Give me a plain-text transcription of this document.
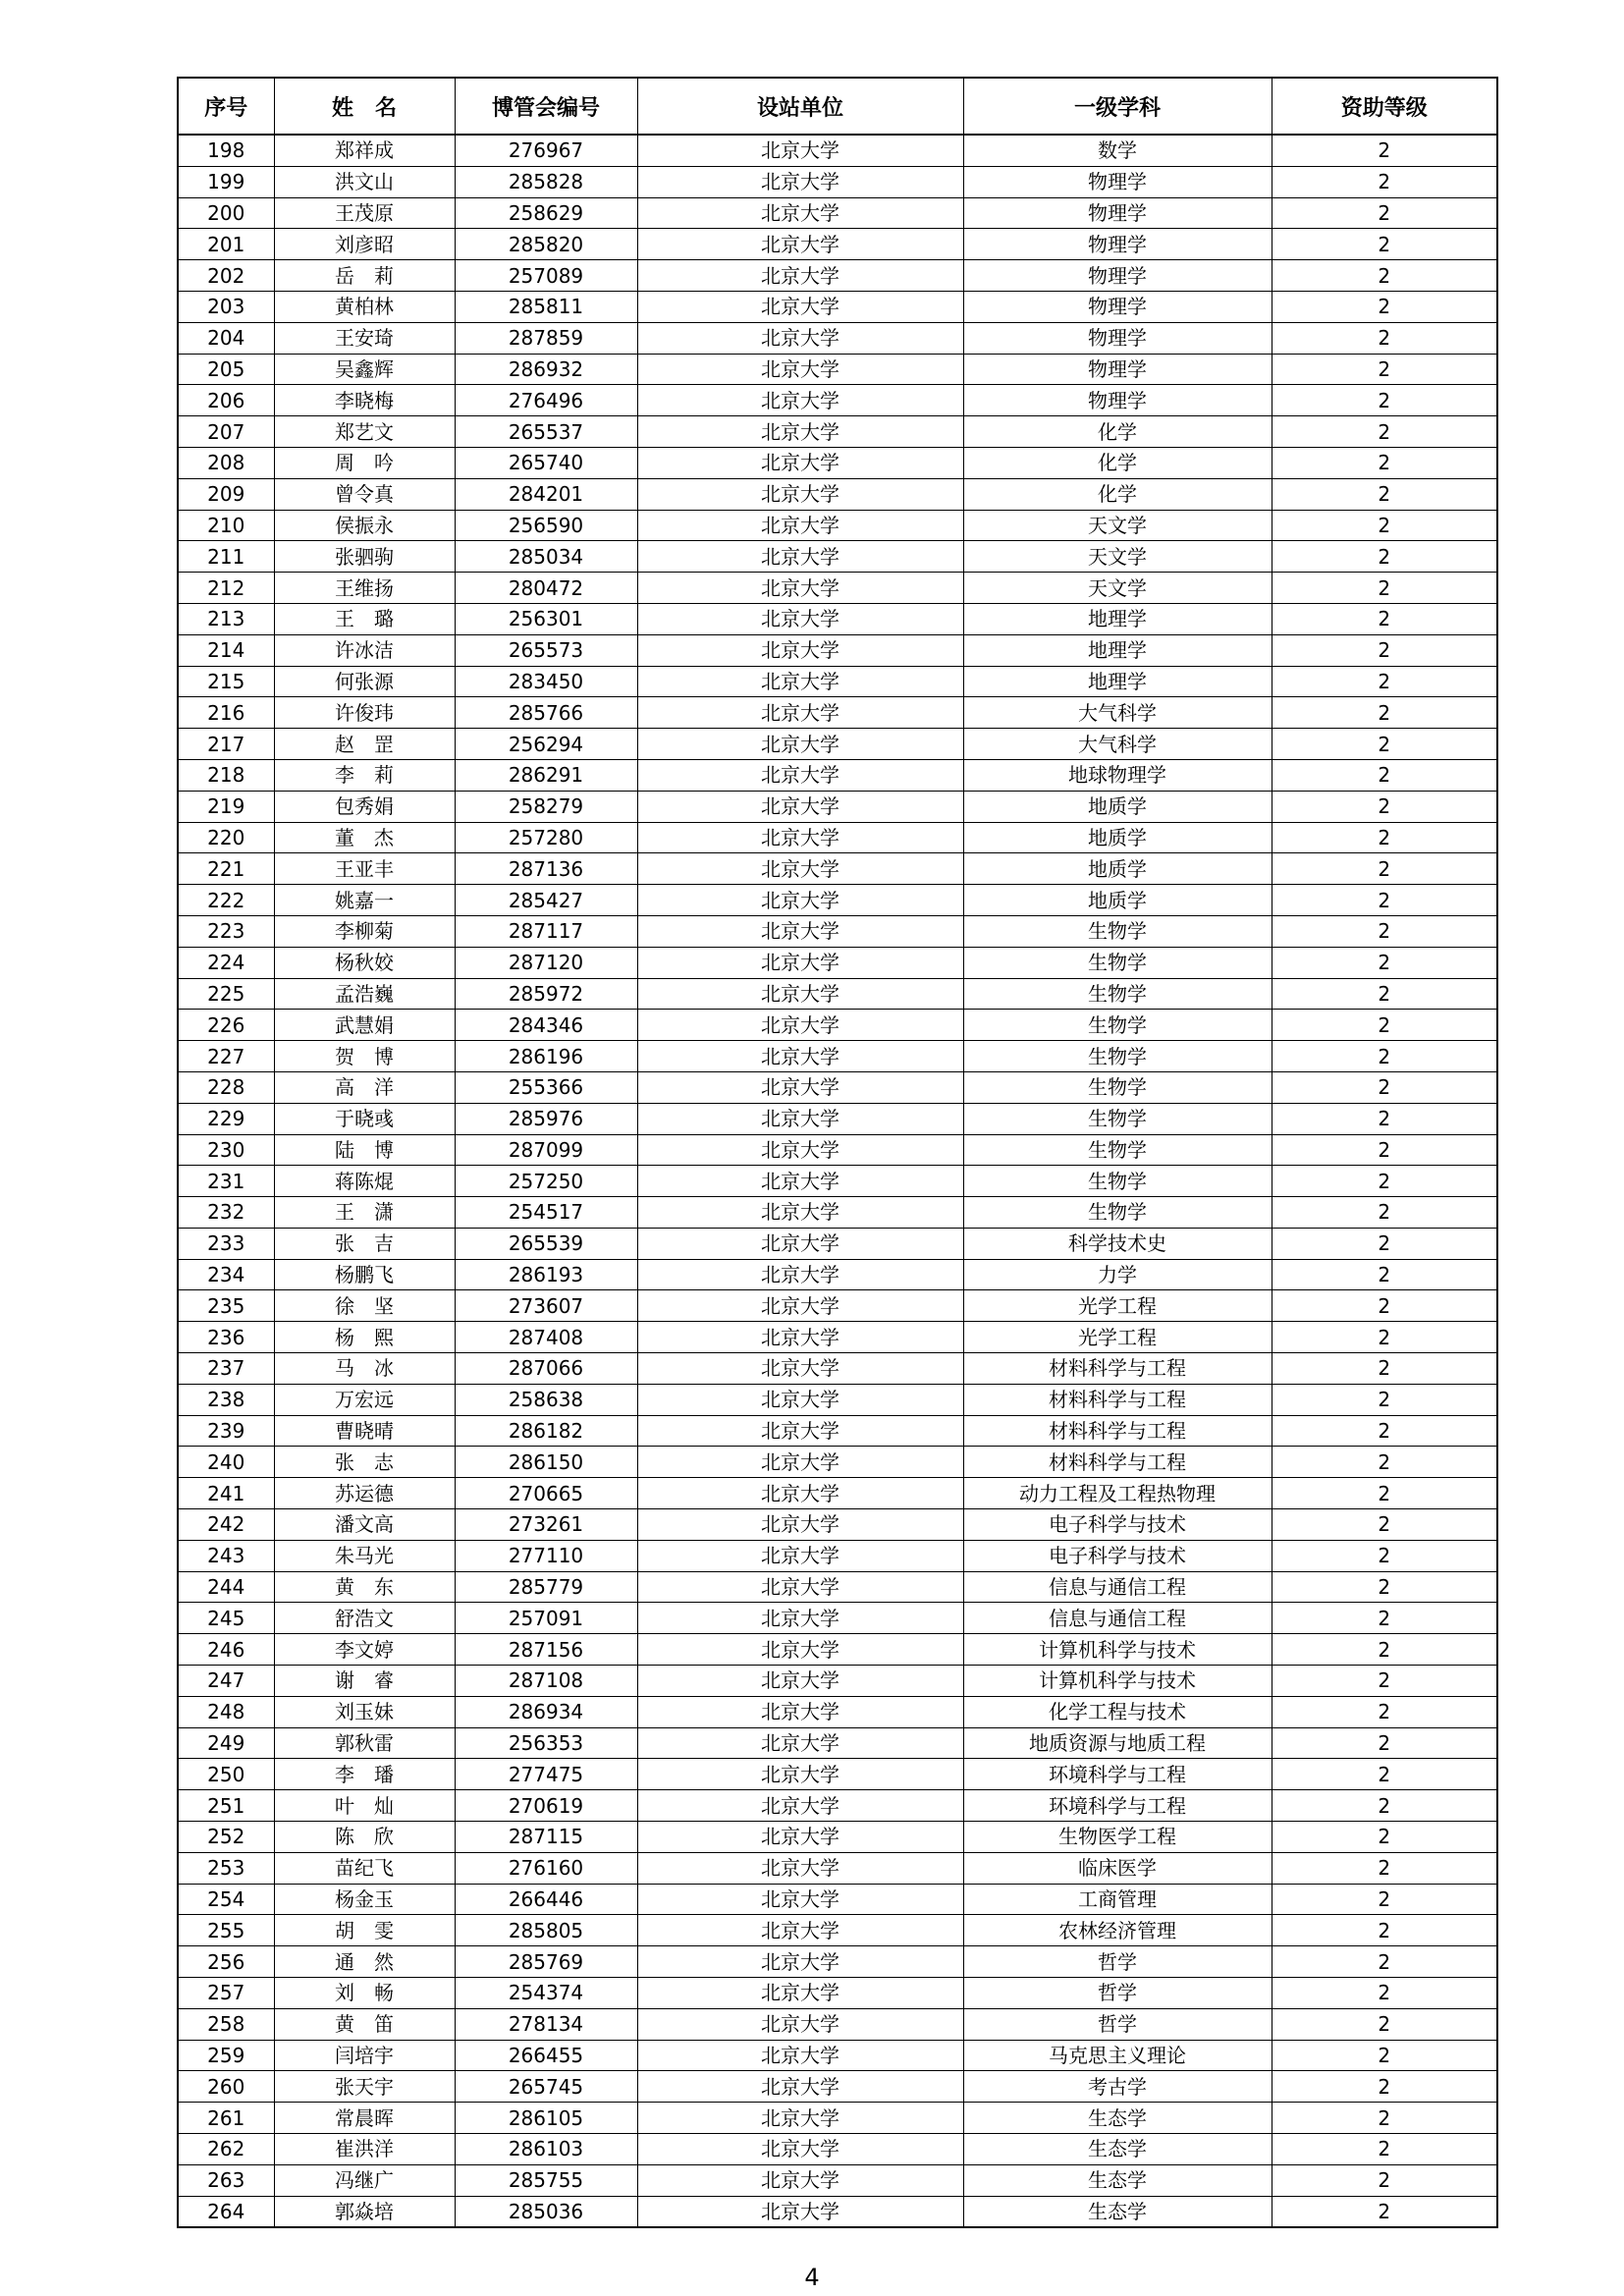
序号	姓　名	博管会编号	设站单位	一级学科	资助等级
198	郑祥成	276967	北京大学	数学	2
199	洪文山	285828	北京大学	物理学	2
200	王茂原	258629	北京大学	物理学	2
201	刘彦昭	285820	北京大学	物理学	2
202	岳　莉	257089	北京大学	物理学	2
203	黄柏林	285811	北京大学	物理学	2
204	王安琦	287859	北京大学	物理学	2
205	吴鑫辉	286932	北京大学	物理学	2
206	李晓梅	276496	北京大学	物理学	2
207	郑艺文	265537	北京大学	化学	2
208	周　吟	265740	北京大学	化学	2
209	曾令真	284201	北京大学	化学	2
210	侯振永	256590	北京大学	天文学	2
211	张驷驹	285034	北京大学	天文学	2
212	王维扬	280472	北京大学	天文学	2
213	王　璐	256301	北京大学	地理学	2
214	许冰洁	265573	北京大学	地理学	2
215	何张源	283450	北京大学	地理学	2
216	许俊玮	285766	北京大学	大气科学	2
217	赵　罡	256294	北京大学	大气科学	2
218	李　莉	286291	北京大学	地球物理学	2
219	包秀娟	258279	北京大学	地质学	2
220	董　杰	257280	北京大学	地质学	2
221	王亚丰	287136	北京大学	地质学	2
222	姚嘉一	285427	北京大学	地质学	2
223	李柳菊	287117	北京大学	生物学	2
224	杨秋姣	287120	北京大学	生物学	2
225	孟浩巍	285972	北京大学	生物学	2
226	武慧娟	284346	北京大学	生物学	2
227	贺　博	286196	北京大学	生物学	2
228	高　洋	255366	北京大学	生物学	2
229	于晓彧	285976	北京大学	生物学	2
230	陆　博	287099	北京大学	生物学	2
231	蒋陈焜	257250	北京大学	生物学	2
232	王　潇	254517	北京大学	生物学	2
233	张　吉	265539	北京大学	科学技术史	2
234	杨鹏飞	286193	北京大学	力学	2
235	徐　坚	273607	北京大学	光学工程	2
236	杨　熙	287408	北京大学	光学工程	2
237	马　冰	287066	北京大学	材料科学与工程	2
238	万宏远	258638	北京大学	材料科学与工程	2
239	曹晓晴	286182	北京大学	材料科学与工程	2
240	张　志	286150	北京大学	材料科学与工程	2
241	苏运德	270665	北京大学	动力工程及工程热物理	2
242	潘文高	273261	北京大学	电子科学与技术	2
243	朱马光	277110	北京大学	电子科学与技术	2
244	黄　东	285779	北京大学	信息与通信工程	2
245	舒浩文	257091	北京大学	信息与通信工程	2
246	李文婷	287156	北京大学	计算机科学与技术	2
247	谢　睿	287108	北京大学	计算机科学与技术	2
248	刘玉妹	286934	北京大学	化学工程与技术	2
249	郭秋雷	256353	北京大学	地质资源与地质工程	2
250	李　璠	277475	北京大学	环境科学与工程	2
251	叶　灿	270619	北京大学	环境科学与工程	2
252	陈　欣	287115	北京大学	生物医学工程	2
253	苗纪飞	276160	北京大学	临床医学	2
254	杨金玉	266446	北京大学	工商管理	2
255	胡　雯	285805	北京大学	农林经济管理	2
256	通　然	285769	北京大学	哲学	2
257	刘　畅	254374	北京大学	哲学	2
258	黄　笛	278134	北京大学	哲学	2
259	闫培宇	266455	北京大学	马克思主义理论	2
260	张天宇	265745	北京大学	考古学	2
261	常晨晖	286105	北京大学	生态学	2
262	崔洪洋	286103	北京大学	生态学	2
263	冯继广	285755	北京大学	生态学	2
264	郭焱培	285036	北京大学	生态学	2
4
